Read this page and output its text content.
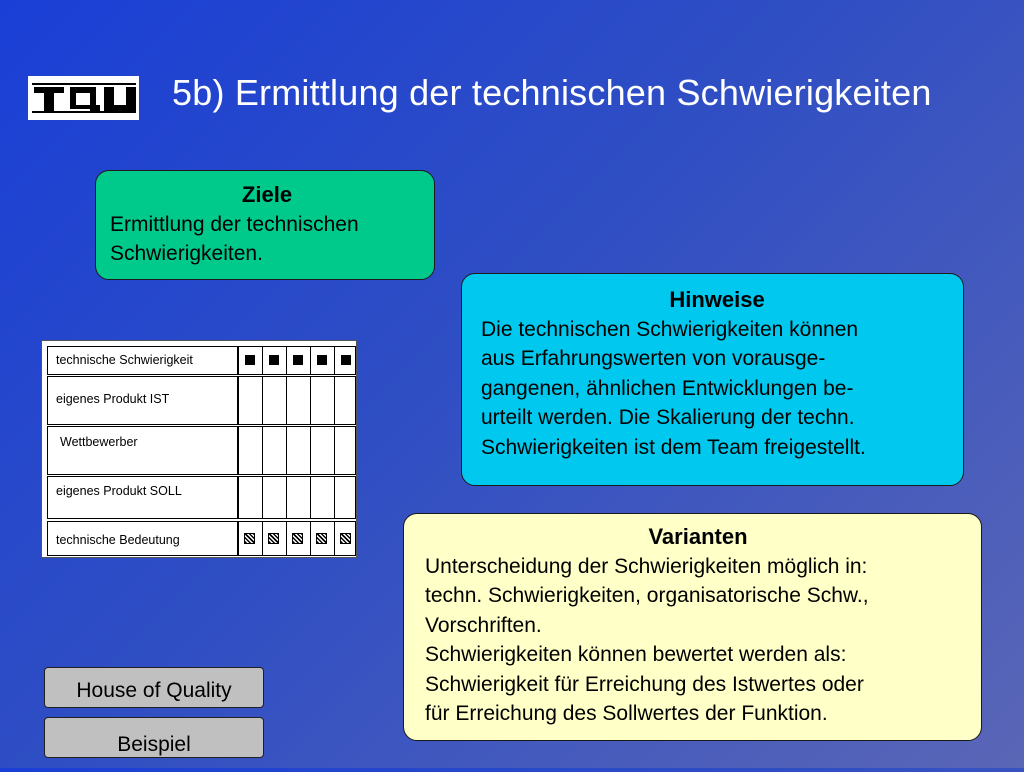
5b) Ermittlung der technischen Schwierigkeiten
Ziele
Ermittlung der technischen
Schwierigkeiten.
Hinweise
Die technischen Schwierigkeiten können
aus Erfahrungswerten von vorausge-
gangenen, ähnlichen Entwicklungen be-
urteilt werden. Die Skalierung der techn.
Schwierigkeiten ist dem Team freigestellt.
Varianten
Unterscheidung der Schwierigkeiten möglich in:
techn. Schwierigkeiten, organisatorische Schw.,
Vorschriften.
Schwierigkeiten können bewertet werden als:
Schwierigkeit für Erreichung des Istwertes oder
für Erreichung des Sollwertes der Funktion.
technische Schwierigkeit
eigenes Produkt IST
Wettbewerber
eigenes Produkt SOLL
technische Bedeutung
House of Quality
Beispiel
